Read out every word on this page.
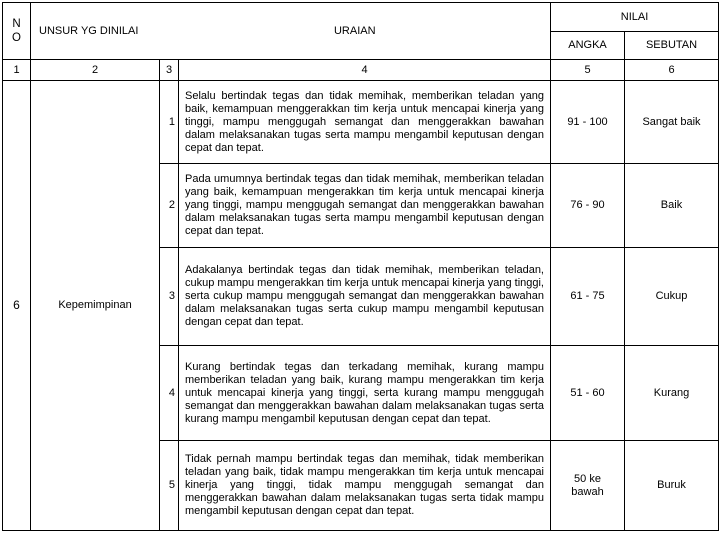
N O	UNSUR YG DINILAI	URAIAN		NILAI	
				ANGKA	SEBUTAN
1	2	3	4	5	6
6	Kepemimpinan	1	Selalu bertindak tegas dan tidak memihak, memberikan teladan yang baik, kemampuan menggerakkan tim kerja untuk mencapai kinerja yang tinggi, mampu menggugah semangat dan menggerakkan bawahan dalam melaksanakan tugas serta mampu mengambil keputusan dengan cepat dan tepat.	91 - 100	Sangat baik
		2	Pada umumnya bertindak tegas dan tidak memihak, memberikan teladan yang baik, kemampuan mengerakkan tim kerja untuk mencapai kinerja yang tinggi, mampu menggugah semangat dan menggerakkan bawahan dalam melaksanakan tugas serta mampu mengambil keputusan dengan cepat dan tepat.	76 - 90	Baik
		3	Adakalanya bertindak tegas dan tidak memihak, memberikan teladan, cukup mampu mengerakkan tim kerja untuk mencapai kinerja yang tinggi, serta cukup mampu menggugah semangat dan menggerakkan bawahan dalam melaksanakan tugas serta cukup mampu mengambil keputusan dengan cepat dan tepat.	61 - 75	Cukup
		4	Kurang bertindak tegas dan terkadang memihak, kurang mampu memberikan teladan yang baik, kurang mampu mengerakkan tim kerja untuk mencapai kinerja yang tinggi, serta kurang mampu menggugah semangat dan menggerakkan bawahan dalam melaksanakan tugas serta kurang mampu mengambil keputusan dengan cepat dan tepat.	51 - 60	Kurang
		5	Tidak pernah mampu bertindak tegas dan memihak, tidak memberikan teladan yang baik, tidak mampu mengerakkan tim kerja untuk mencapai kinerja yang tinggi, tidak mampu menggugah semangat dan menggerakkan bawahan dalam melaksanakan tugas serta tidak mampu mengambil keputusan dengan cepat dan tepat.	50 ke bawah	Buruk
